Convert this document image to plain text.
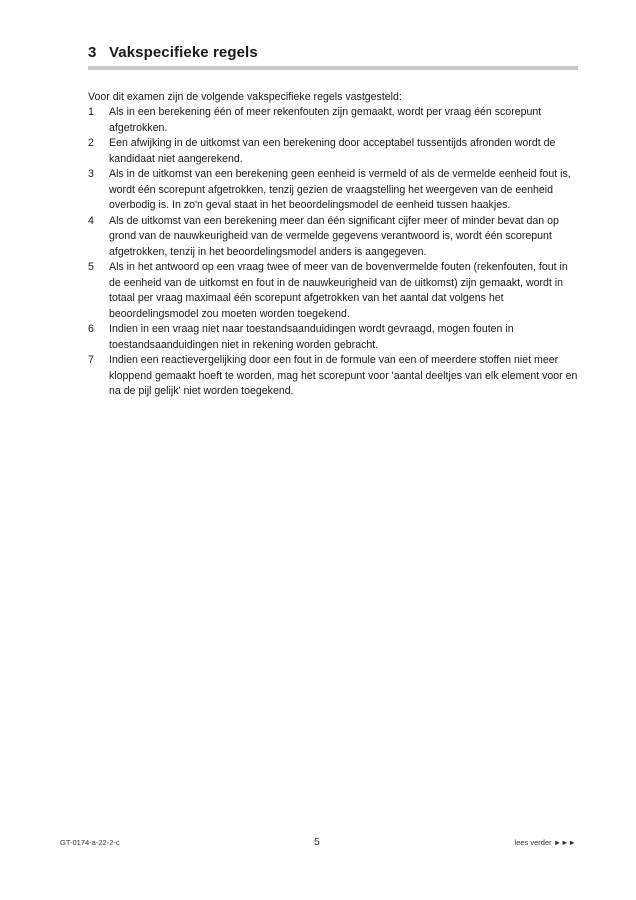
3 Vakspecifieke regels
Voor dit examen zijn de volgende vakspecifieke regels vastgesteld:
1	Als in een berekening één of meer rekenfouten zijn gemaakt, wordt per vraag één scorepunt afgetrokken.
2	Een afwijking in de uitkomst van een berekening door acceptabel tussentijds afronden wordt de kandidaat niet aangerekend.
3	Als in de uitkomst van een berekening geen eenheid is vermeld of als de vermelde eenheid fout is, wordt één scorepunt afgetrokken, tenzij gezien de vraagstelling het weergeven van de eenheid overbodig is. In zo'n geval staat in het beoordelingsmodel de eenheid tussen haakjes.
4	Als de uitkomst van een berekening meer dan één significant cijfer meer of minder bevat dan op grond van de nauwkeurigheid van de vermelde gegevens verantwoord is, wordt één scorepunt afgetrokken, tenzij in het beoordelingsmodel anders is aangegeven.
5	Als in het antwoord op een vraag twee of meer van de bovenvermelde fouten (rekenfouten, fout in de eenheid van de uitkomst en fout in de nauwkeurigheid van de uitkomst) zijn gemaakt, wordt in totaal per vraag maximaal één scorepunt afgetrokken van het aantal dat volgens het beoordelingsmodel zou moeten worden toegekend.
6	Indien in een vraag niet naar toestandsaanduidingen wordt gevraagd, mogen fouten in toestandsaanduidingen niet in rekening worden gebracht.
7	Indien een reactievergelijking door een fout in de formule van een of meerdere stoffen niet meer kloppend gemaakt hoeft te worden, mag het scorepunt voor 'aantal deeltjes van elk element voor en na de pijl gelijk' niet worden toegekend.
GT-0174-a-22-2-c	5	lees verder ►►►
